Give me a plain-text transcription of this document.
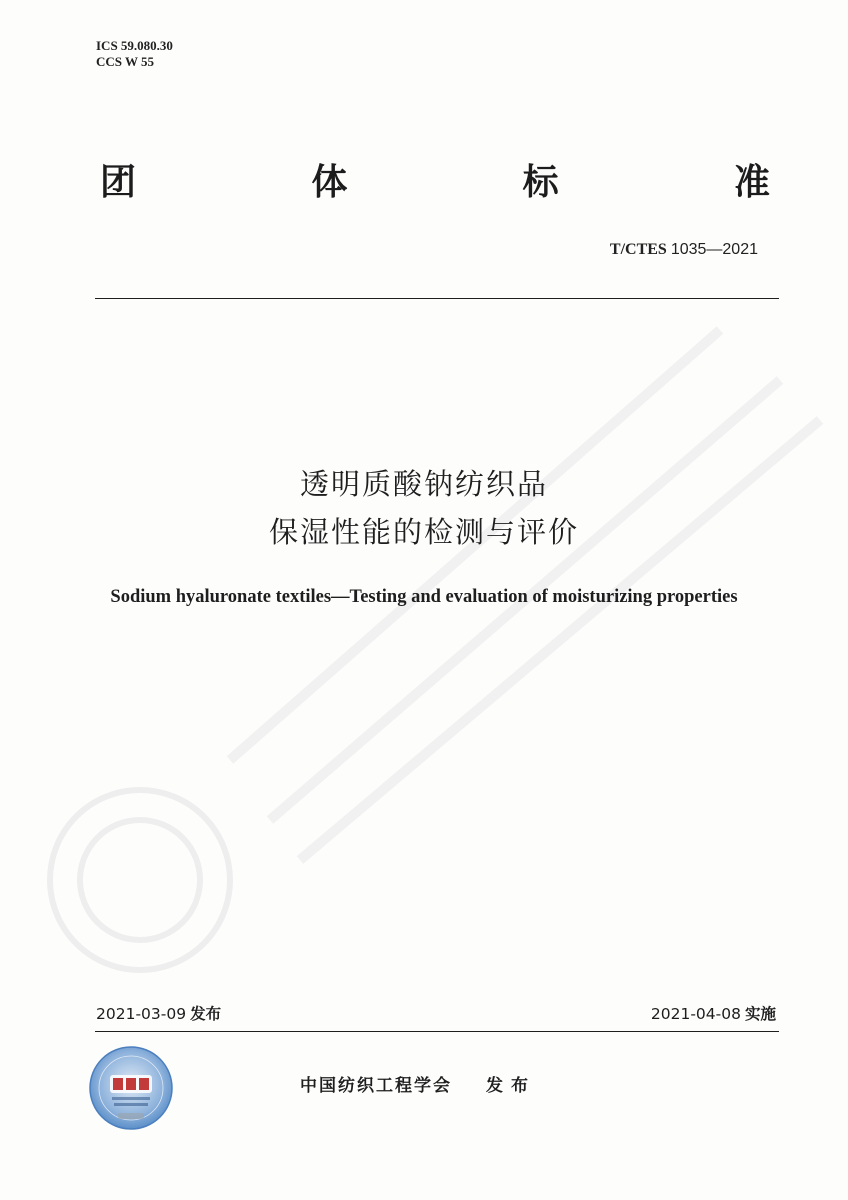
ICS 59.080.30
CCS W 55
团	体	标	准
T/CTES 1035—2021
透明质酸钠纺织品
保湿性能的检测与评价
Sodium hyaluronate textiles—Testing and evaluation of moisturizing properties
2021-03-09 发布	2021-04-08 实施
中国纺织工程学会 发布
